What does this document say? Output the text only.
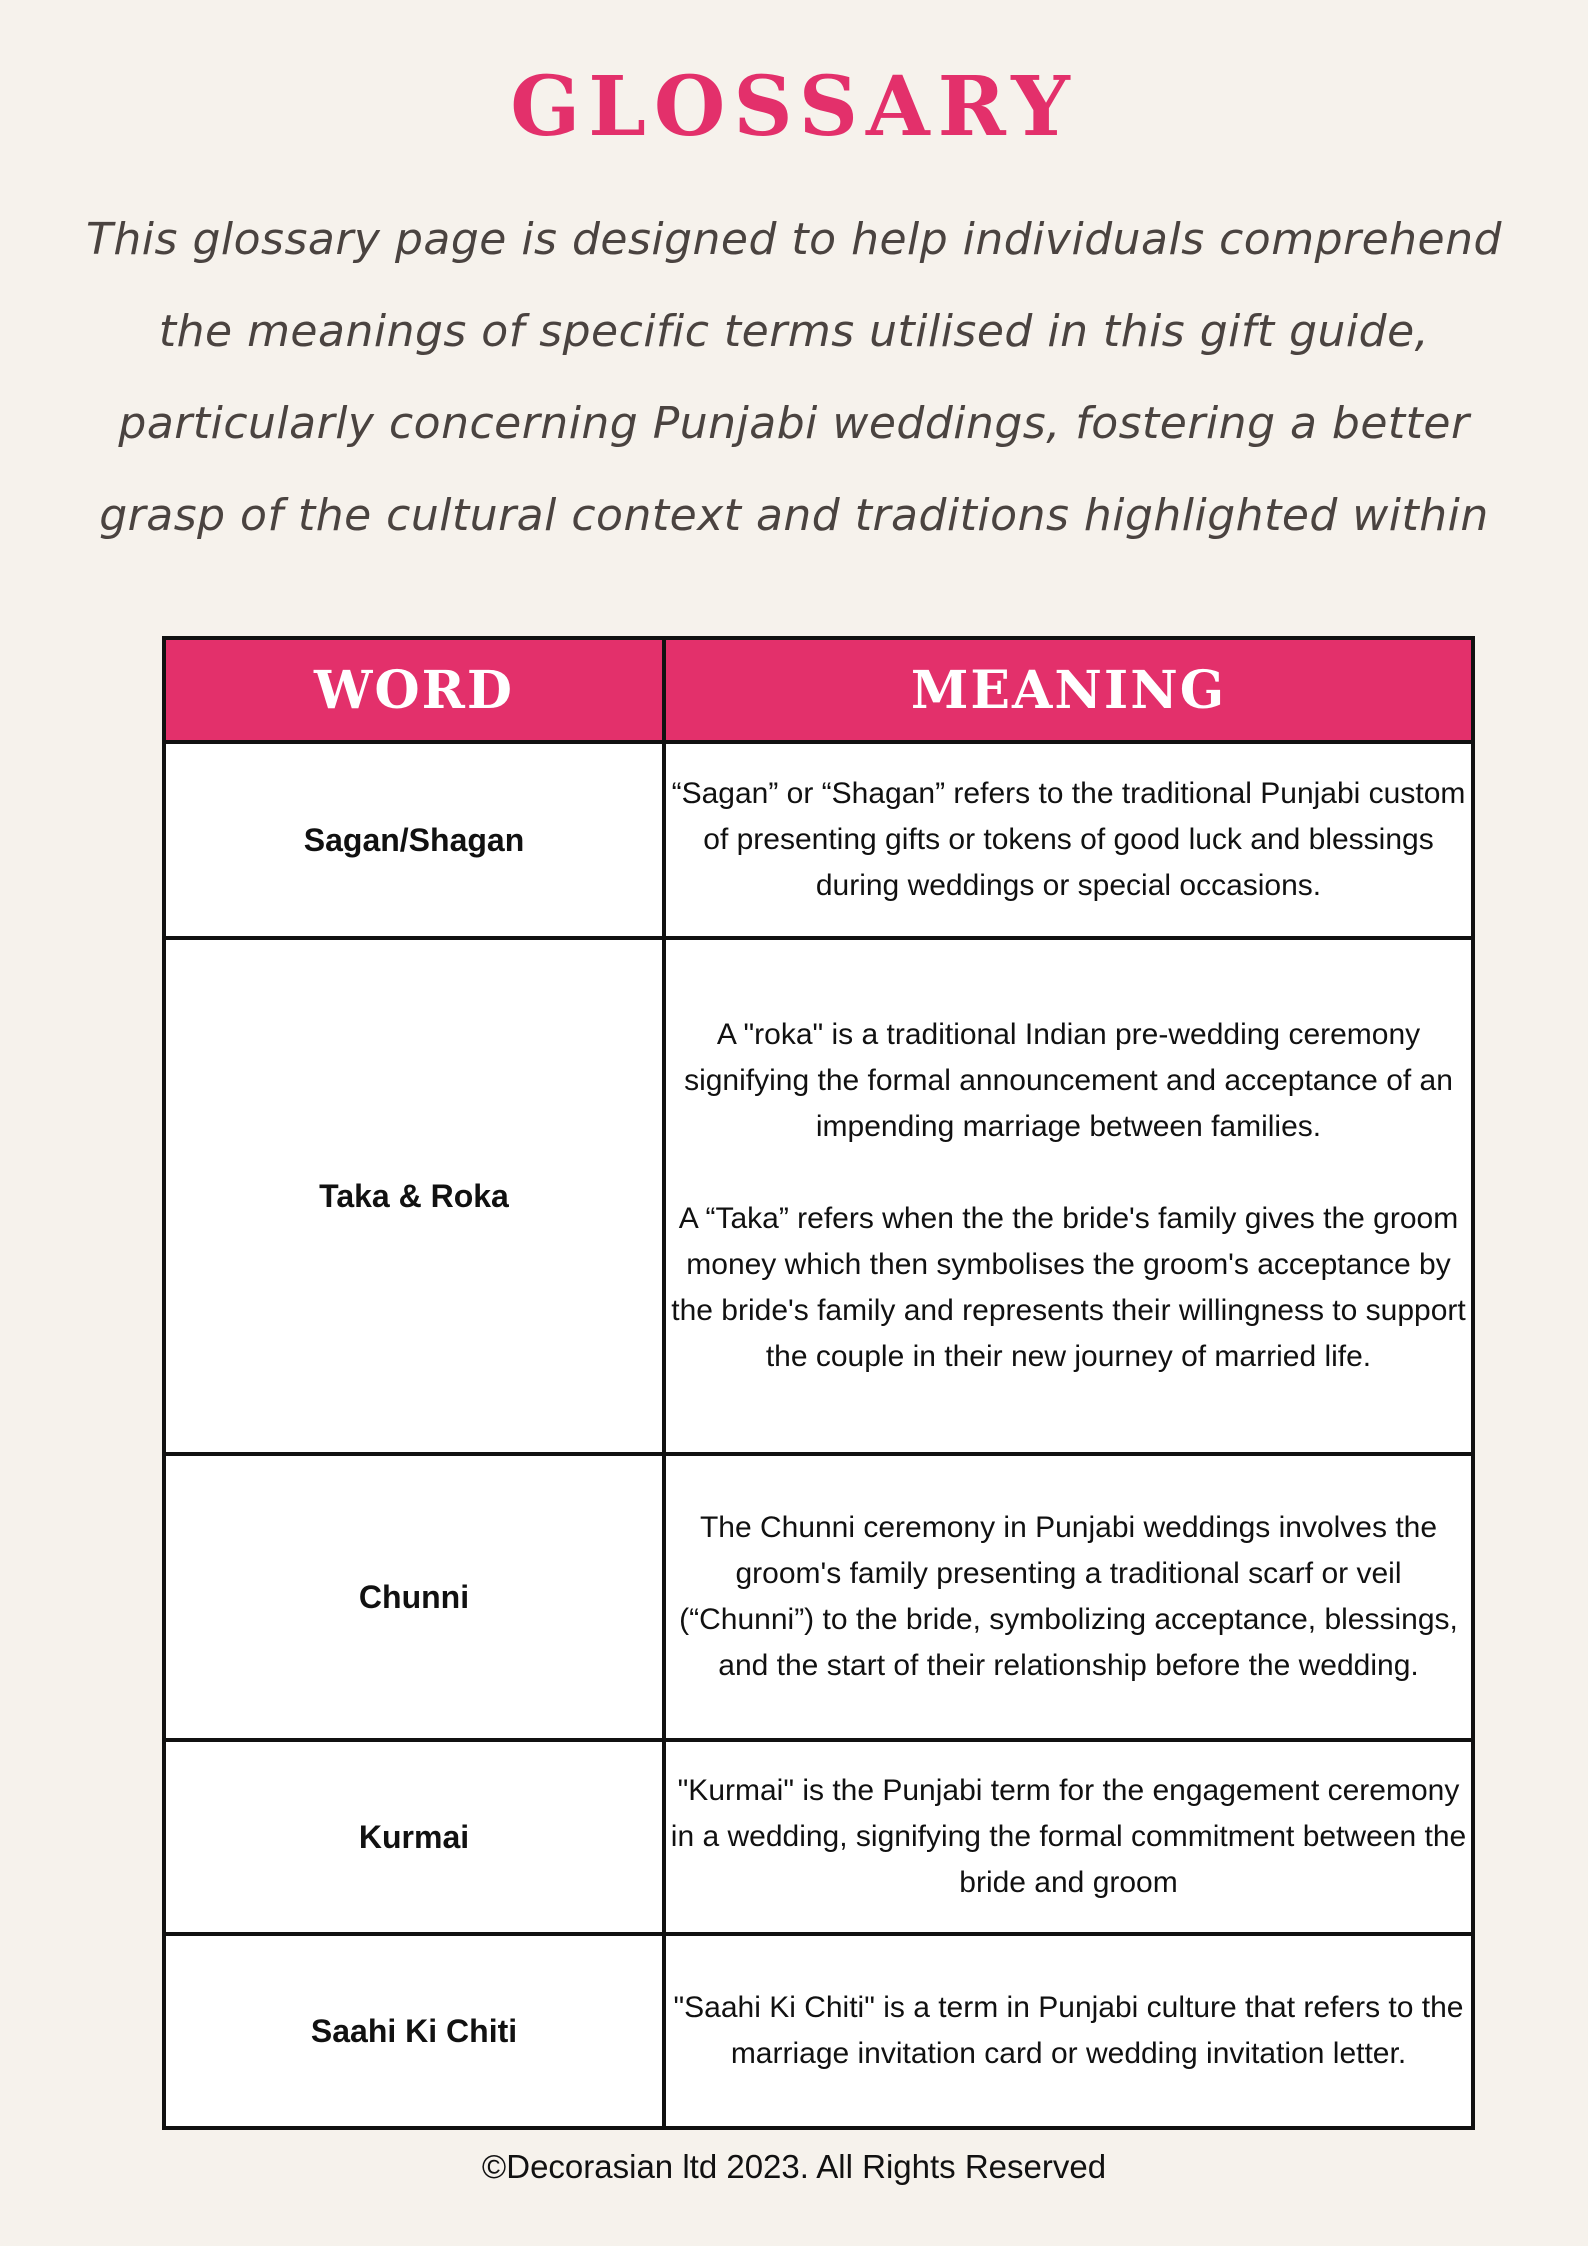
GLOSSARY
This glossary page is designed to help individuals comprehend the meanings of specific terms utilised in this gift guide, particularly concerning Punjabi weddings, fostering a better grasp of the cultural context and traditions highlighted within
WORD	MEANING
Sagan/Shagan	“Sagan” or “Shagan” refers to the traditional Punjabi custom of presenting gifts or tokens of good luck and blessings during weddings or special occasions.

Taka & Roka	A "roka" is a traditional Indian pre-wedding ceremony signifying the formal announcement and acceptance of an impending marriage between families.

A “Taka” refers when the the bride's family gives the groom money which then symbolises the groom's acceptance by the bride's family and represents their willingness to support the couple in their new journey of married life.

Chunni	The Chunni ceremony in Punjabi weddings involves the groom's family presenting a traditional scarf or veil (“Chunni”) to the bride, symbolizing acceptance, blessings, and the start of their relationship before the wedding.

Kurmai	"Kurmai" is the Punjabi term for the engagement ceremony in a wedding, signifying the formal commitment between the bride and groom

Saahi Ki Chiti	"Saahi Ki Chiti" is a term in Punjabi culture that refers to the marriage invitation card or wedding invitation letter.

©Decorasian ltd 2023. All Rights Reserved
